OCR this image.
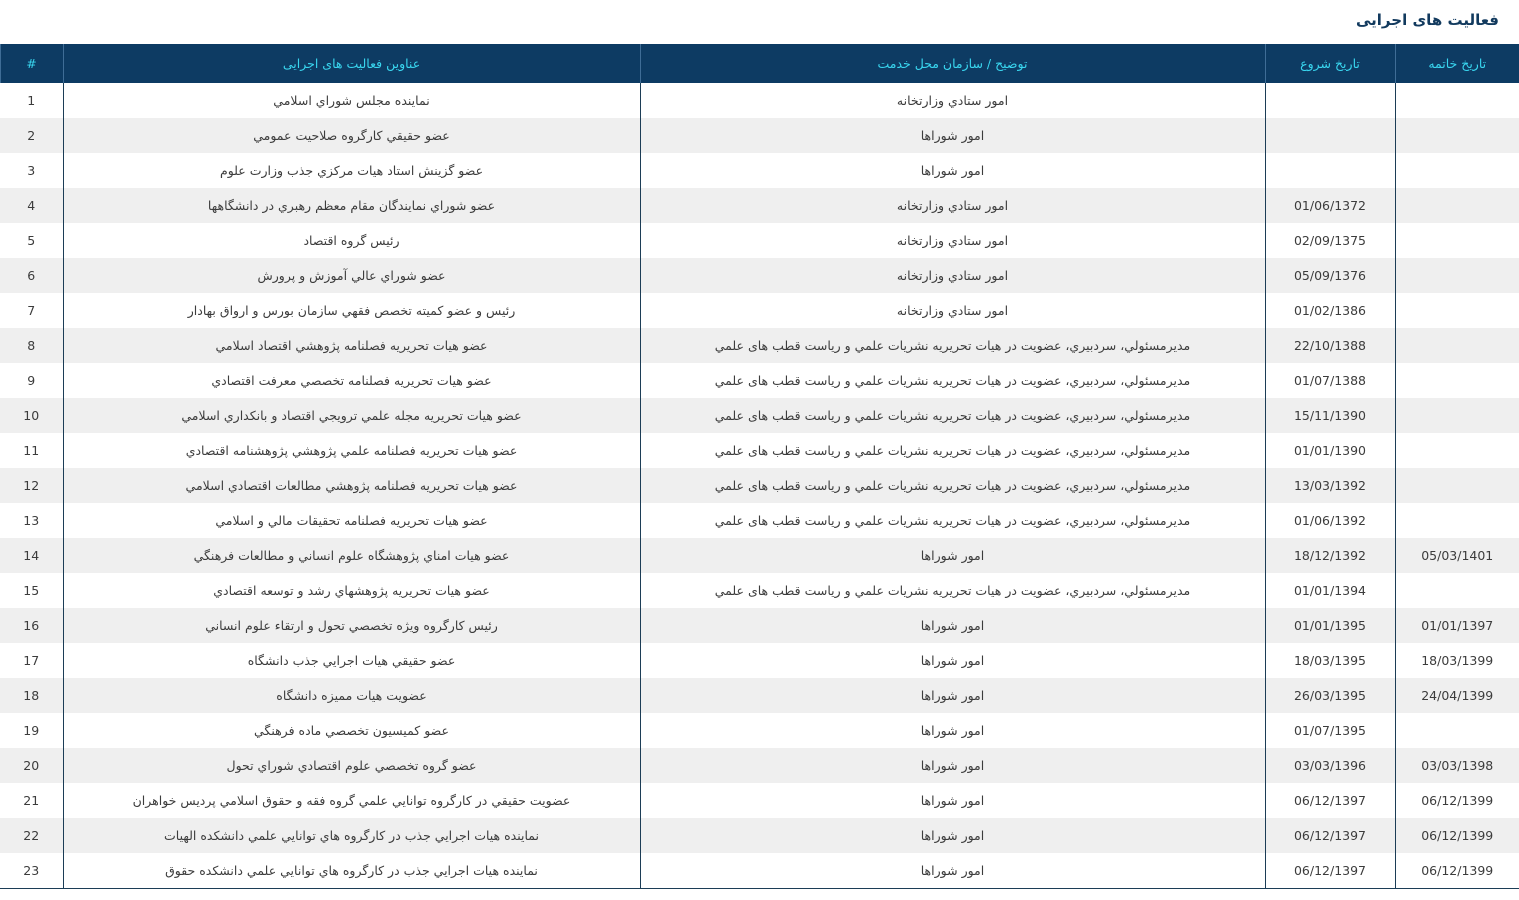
فعالیت های اجرایی
تاریخ خاتمه	تاریخ شروع	توضیح / سازمان محل خدمت	عناوین فعالیت های اجرایی	#
		امور ستادي وزارتخانه	نماینده مجلس شوراي اسلامي	1
		امور شوراها	عضو حقیقي کارگروه صلاحیت عمومي	2
		امور شوراها	عضو گزینش استاد هیات مرکزي جذب وزارت علوم	3
	01/06/1372	امور ستادي وزارتخانه	عضو شوراي نمایندگان مقام معظم رهبري در دانشگاهها	4
	02/09/1375	امور ستادي وزارتخانه	رئیس گروه اقتصاد	5
	05/09/1376	امور ستادي وزارتخانه	عضو شوراي عالي آموزش و پرورش	6
	01/02/1386	امور ستادي وزارتخانه	رئیس و عضو کمیته تخصص فقهي سازمان بورس و ارواق بهادار	7
	22/10/1388	مدیرمسئولي، سردبیري، عضویت در هیات تحریریه نشریات علمي و ریاست قطب های علمي	عضو هیات تحریریه فصلنامه پژوهشي اقتصاد اسلامي	8
	01/07/1388	مدیرمسئولي، سردبیري، عضویت در هیات تحریریه نشریات علمي و ریاست قطب های علمي	عضو هیات تحریریه فصلنامه تخصصي معرفت اقتصادي	9
	15/11/1390	مدیرمسئولي، سردبیري، عضویت در هیات تحریریه نشریات علمي و ریاست قطب های علمي	عضو هیات تحریریه مجله علمي ترویجي اقتصاد و بانکداري اسلامي	10
	01/01/1390	مدیرمسئولي، سردبیري، عضویت در هیات تحریریه نشریات علمي و ریاست قطب های علمي	عضو هیات تحریریه فصلنامه علمي پژوهشي پژوهشنامه اقتصادي	11
	13/03/1392	مدیرمسئولي، سردبیري، عضویت در هیات تحریریه نشریات علمي و ریاست قطب های علمي	عضو هیات تحریریه فصلنامه پژوهشي مطالعات اقتصادي اسلامي	12
	01/06/1392	مدیرمسئولي، سردبیري، عضویت در هیات تحریریه نشریات علمي و ریاست قطب های علمي	عضو هیات تحریریه فصلنامه تحقیقات مالي و اسلامي	13
05/03/1401	18/12/1392	امور شوراها	عضو هیات امناي پژوهشگاه علوم انساني و مطالعات فرهنگي	14
	01/01/1394	مدیرمسئولي، سردبیري، عضویت در هیات تحریریه نشریات علمي و ریاست قطب های علمي	عضو هیات تحریریه پژوهشهاي رشد و توسعه اقتصادي	15
01/01/1397	01/01/1395	امور شوراها	رئیس کارگروه ویژه تخصصي تحول و ارتقاء علوم انساني	16
18/03/1399	18/03/1395	امور شوراها	عضو حقیقي هیات اجرایي جذب دانشگاه	17
24/04/1399	26/03/1395	امور شوراها	عضویت هیات ممیزه دانشگاه	18
	01/07/1395	امور شوراها	عضو کمیسیون تخصصي ماده فرهنگي	19
03/03/1398	03/03/1396	امور شوراها	عضو گروه تخصصي علوم اقتصادي شوراي تحول	20
06/12/1399	06/12/1397	امور شوراها	عضویت حقیقي در کارگروه توانایي علمي گروه فقه و حقوق اسلامي پردیس خواهران	21
06/12/1399	06/12/1397	امور شوراها	نماینده هیات اجرایي جذب در کارگروه هاي توانایي علمي دانشکده الهیات	22
06/12/1399	06/12/1397	امور شوراها	نماینده هیات اجرایي جذب در کارگروه هاي توانایي علمي دانشکده حقوق	23
